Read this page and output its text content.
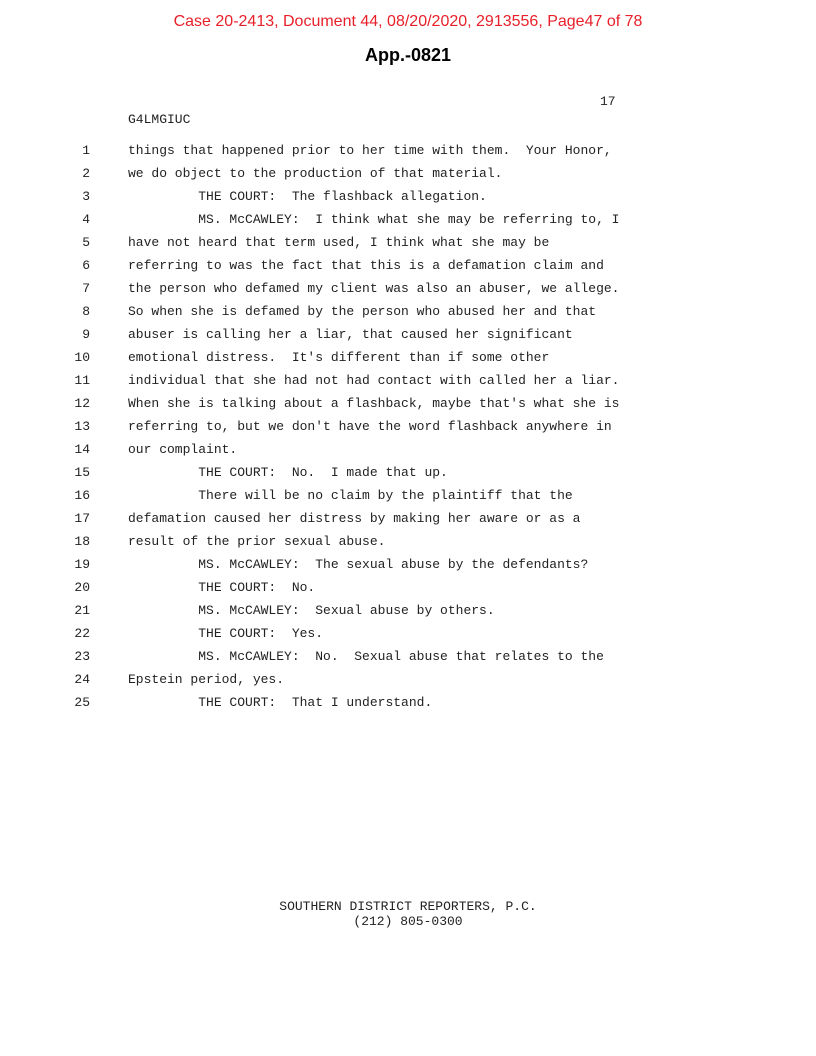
Case 20-2413, Document 44, 08/20/2020, 2913556, Page47 of 78
App.-0821
17
G4LMGIUC
1	things that happened prior to her time with them.  Your Honor,
2	we do object to the production of that material.
3	THE COURT:  The flashback allegation.
4	MS. McCAWLEY:  I think what she may be referring to, I
5	have not heard that term used, I think what she may be
6	referring to was the fact that this is a defamation claim and
7	the person who defamed my client was also an abuser, we allege.
8	So when she is defamed by the person who abused her and that
9	abuser is calling her a liar, that caused her significant
10	emotional distress.  It's different than if some other
11	individual that she had not had contact with called her a liar.
12	When she is talking about a flashback, maybe that's what she is
13	referring to, but we don't have the word flashback anywhere in
14	our complaint.
15	THE COURT:  No.  I made that up.
16	There will be no claim by the plaintiff that the
17	defamation caused her distress by making her aware or as a
18	result of the prior sexual abuse.
19	MS. McCAWLEY:  The sexual abuse by the defendants?
20	THE COURT:  No.
21	MS. McCAWLEY:  Sexual abuse by others.
22	THE COURT:  Yes.
23	MS. McCAWLEY:  No.  Sexual abuse that relates to the
24	Epstein period, yes.
25	THE COURT:  That I understand.
SOUTHERN DISTRICT REPORTERS, P.C.
(212) 805-0300
